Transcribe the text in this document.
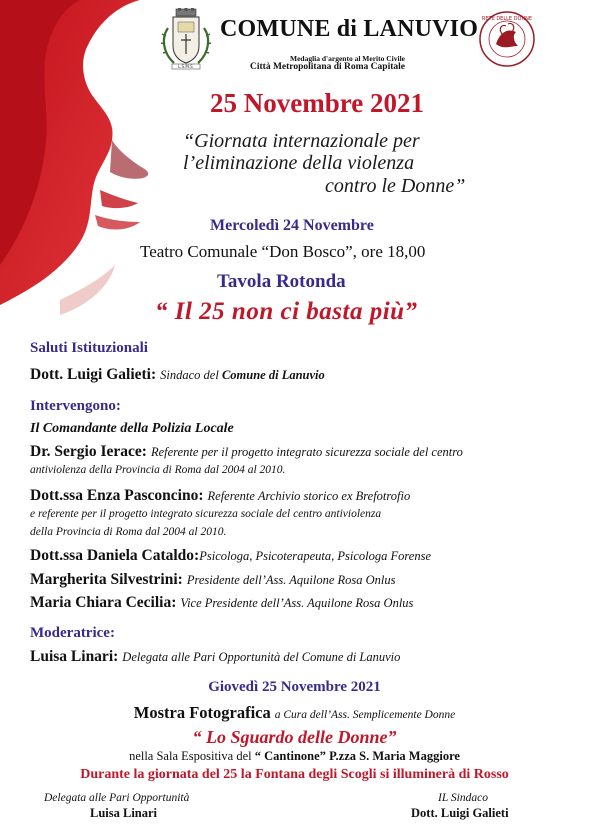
L.S.M.S.
COMUNE di LANUVIO
Medaglia d'argento al Merito Civile
Città Metropolitana di Roma Capitale
RETE DELLE DONNE
25 Novembre 2021
“Giornata internazionale per
l’eliminazione della violenza
contro le Donne”
Mercoledì 24 Novembre
Teatro Comunale “Don Bosco”, ore 18,00
Tavola Rotonda
“ Il 25 non ci basta più”
Saluti Istituzionali
Dott. Luigi Galieti: Sindaco del Comune di Lanuvio
Intervengono:
Il Comandante della Polizia Locale
Dr. Sergio Ierace: Referente per il progetto integrato sicurezza sociale del centro
antiviolenza della Provincia di Roma dal 2004 al 2010.
Dott.ssa Enza Pasconcino: Referente Archivio storico ex Brefotrofio
e referente per il progetto integrato sicurezza sociale del centro antiviolenza
della Provincia di Roma dal 2004 al 2010.
Dott.ssa Daniela Cataldo:Psicologa, Psicoterapeuta, Psicologa Forense
Margherita Silvestrini: Presidente dell’Ass. Aquilone Rosa Onlus
Maria Chiara Cecilia: Vice Presidente dell’Ass. Aquilone Rosa Onlus
Moderatrice:
Luisa Linari: Delegata alle Pari Opportunità del Comune di Lanuvio
Giovedì 25 Novembre 2021
Mostra Fotografica a Cura dell’Ass. Semplicemente Donne
“ Lo Sguardo delle Donne”
nella Sala Espositiva del “ Cantinone” P.zza S. Maria Maggiore
Durante la giornata del 25 la Fontana degli Scogli si illuminerà di Rosso
Delegata alle Pari Opportunità
Luisa Linari
IL Sindaco
Dott. Luigi Galieti
